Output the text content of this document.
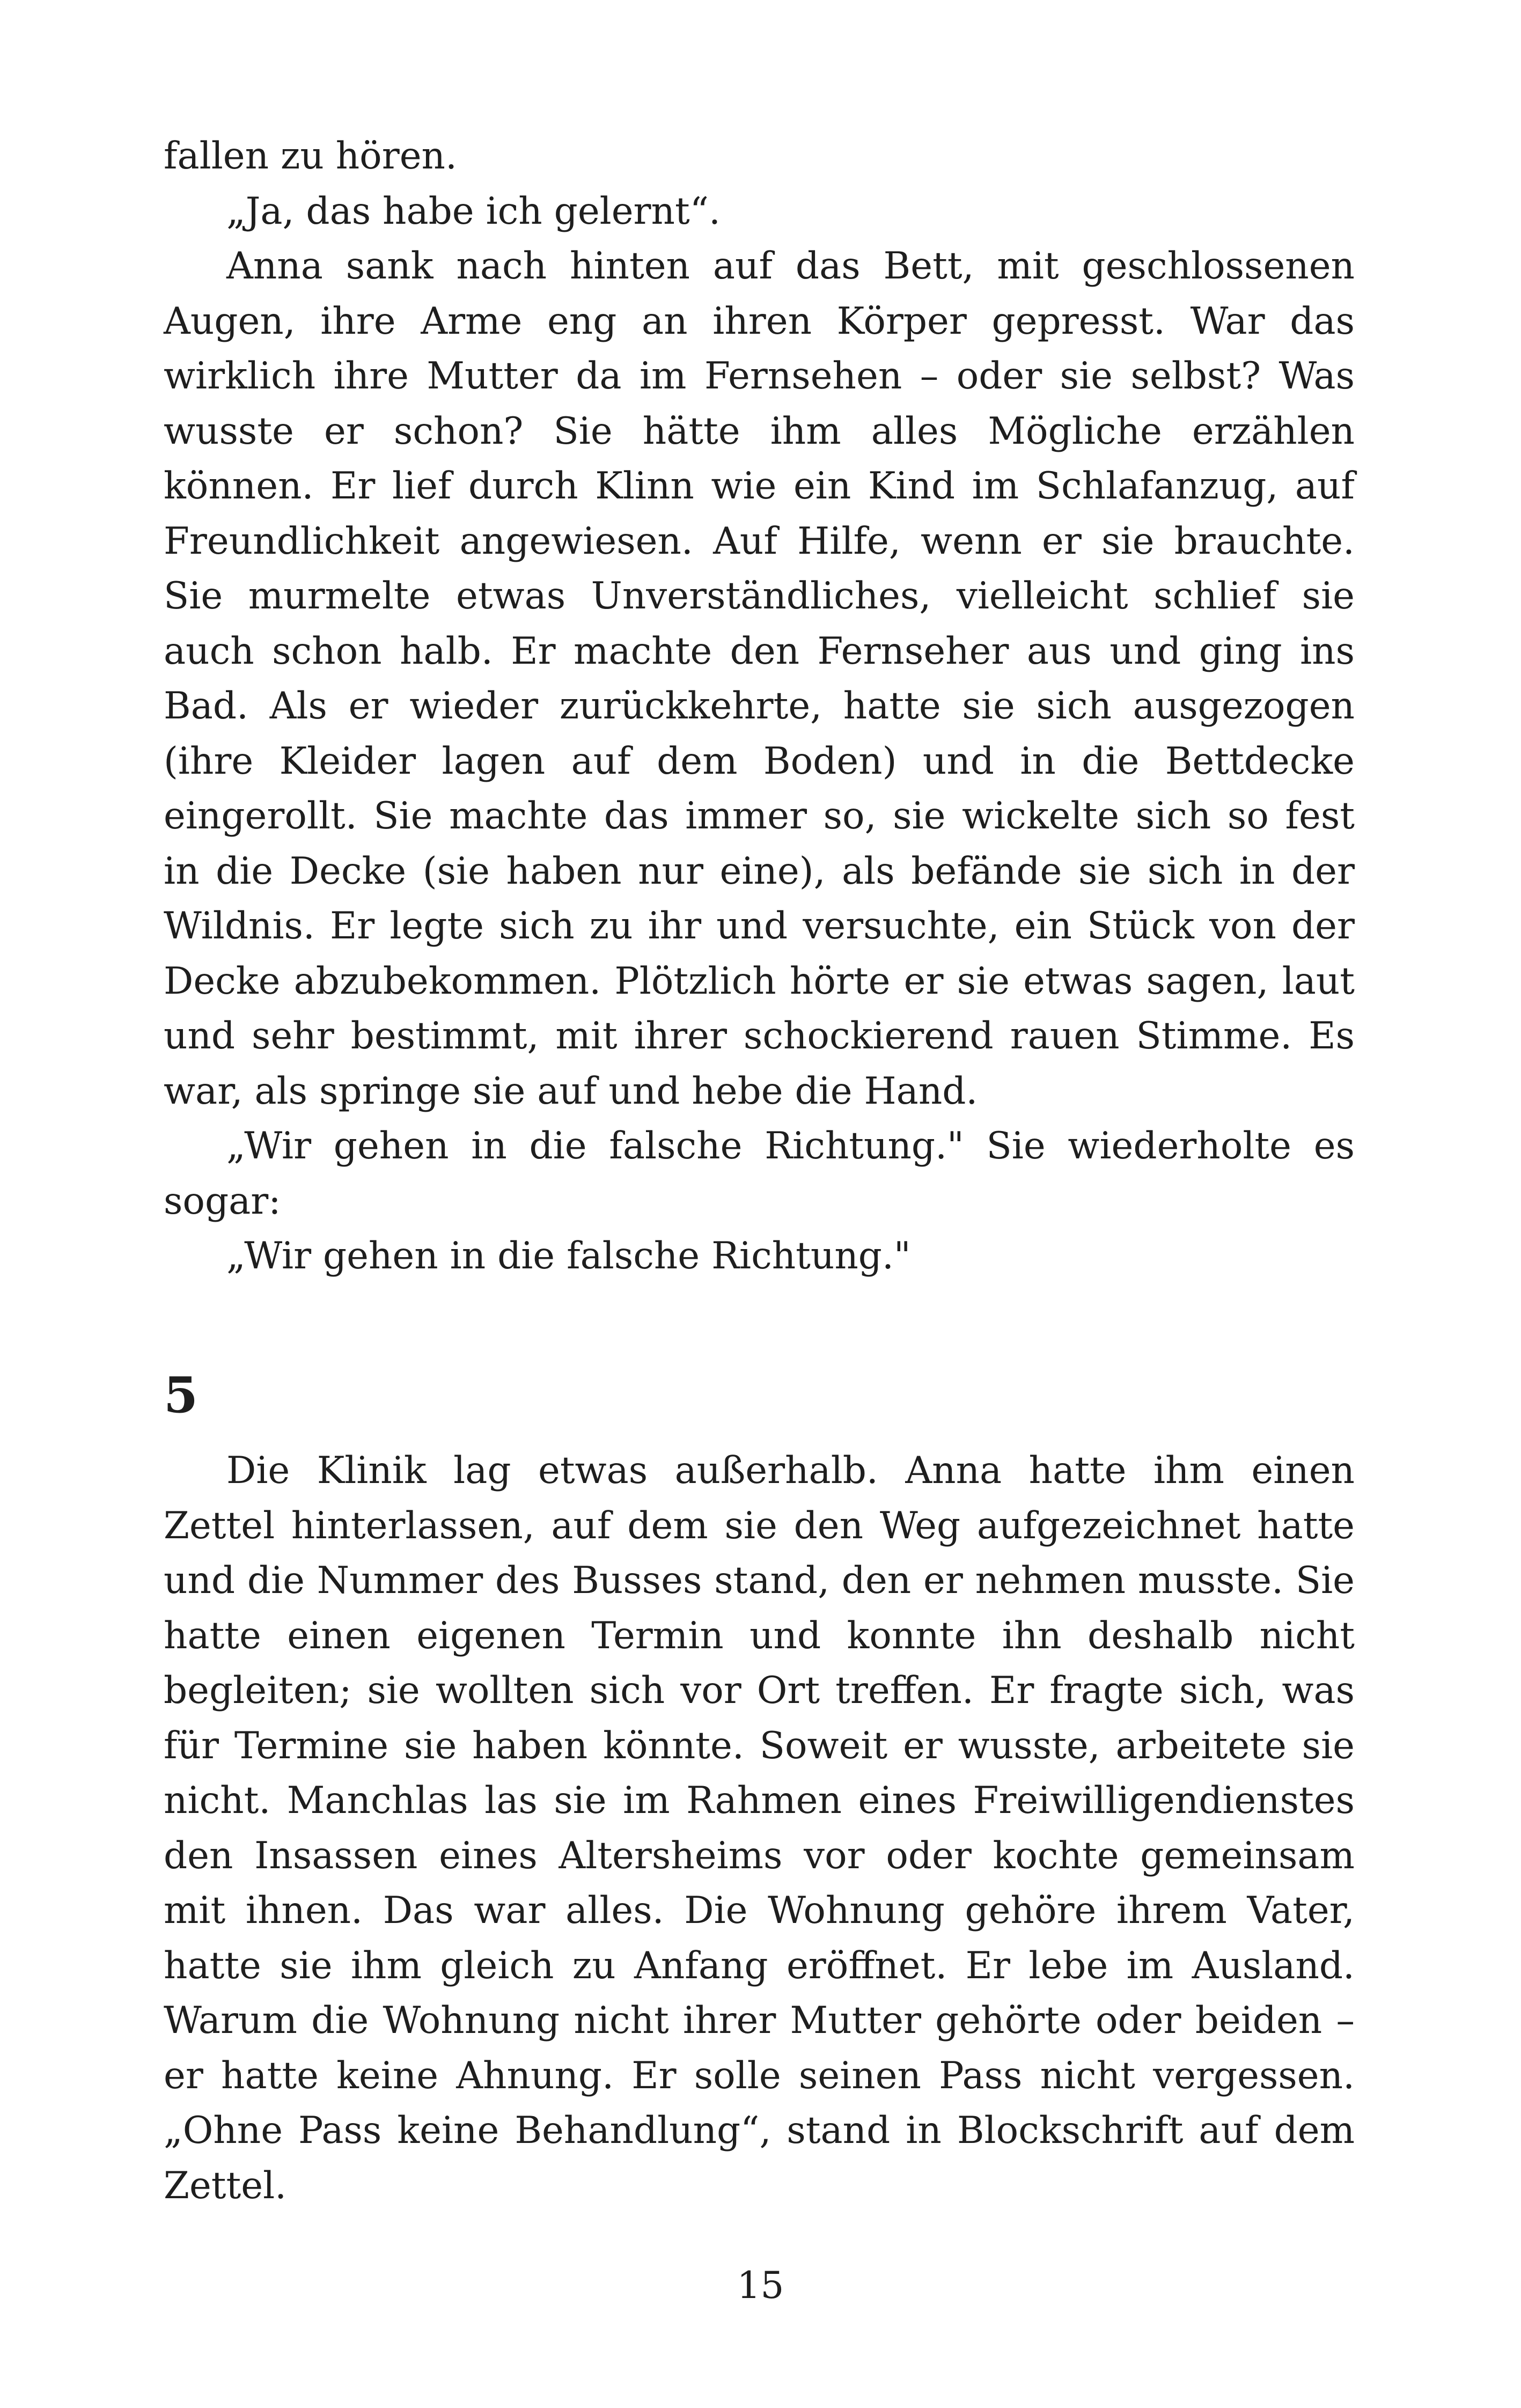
fallen zu hören.

„Ja, das habe ich gelernt“.

Anna sank nach hinten auf das Bett, mit geschlossenen Augen, ihre Arme eng an ihren Körper gepresst. War das wirklich ihre Mutter da im Fernsehen – oder sie selbst? Was wusste er schon? Sie hätte ihm alles Mögliche erzählen können. Er lief durch Klinn wie ein Kind im Schlafanzug, auf Freundlichkeit angewiesen. Auf Hilfe, wenn er sie brauchte. Sie murmelte etwas Unverständliches, vielleicht schlief sie auch schon halb. Er machte den Fernseher aus und ging ins Bad. Als er wieder zurückkehrte, hatte sie sich ausgezogen (ihre Kleider lagen auf dem Boden) und in die Bettdecke eingerollt. Sie machte das immer so, sie wickelte sich so fest in die Decke (sie haben nur eine), als befände sie sich in der Wildnis. Er legte sich zu ihr und versuchte, ein Stück von der Decke abzubekommen. Plötzlich hörte er sie etwas sagen, laut und sehr bestimmt, mit ihrer schockierend rauen Stimme. Es war, als springe sie auf und hebe die Hand.

„Wir gehen in die falsche Richtung." Sie wiederholte es sogar:

„Wir gehen in die falsche Richtung."

5

Die Klinik lag etwas außerhalb. Anna hatte ihm einen Zettel hinterlassen, auf dem sie den Weg aufgezeichnet hatte und die Nummer des Busses stand, den er nehmen musste. Sie hatte einen eigenen Termin und konnte ihn deshalb nicht begleiten; sie wollten sich vor Ort treffen. Er fragte sich, was für Termine sie haben könnte. Soweit er wusste, arbeitete sie nicht. Manchlas las sie im Rahmen eines Freiwilligendienstes den Insassen eines Altersheims vor oder kochte gemeinsam mit ihnen. Das war alles. Die Wohnung gehöre ihrem Vater, hatte sie ihm gleich zu Anfang eröffnet. Er lebe im Ausland. Warum die Wohnung nicht ihrer Mutter gehörte oder beiden – er hatte keine Ahnung. Er solle seinen Pass nicht vergessen. „Ohne Pass keine Behandlung“, stand in Blockschrift auf dem Zettel.

15
